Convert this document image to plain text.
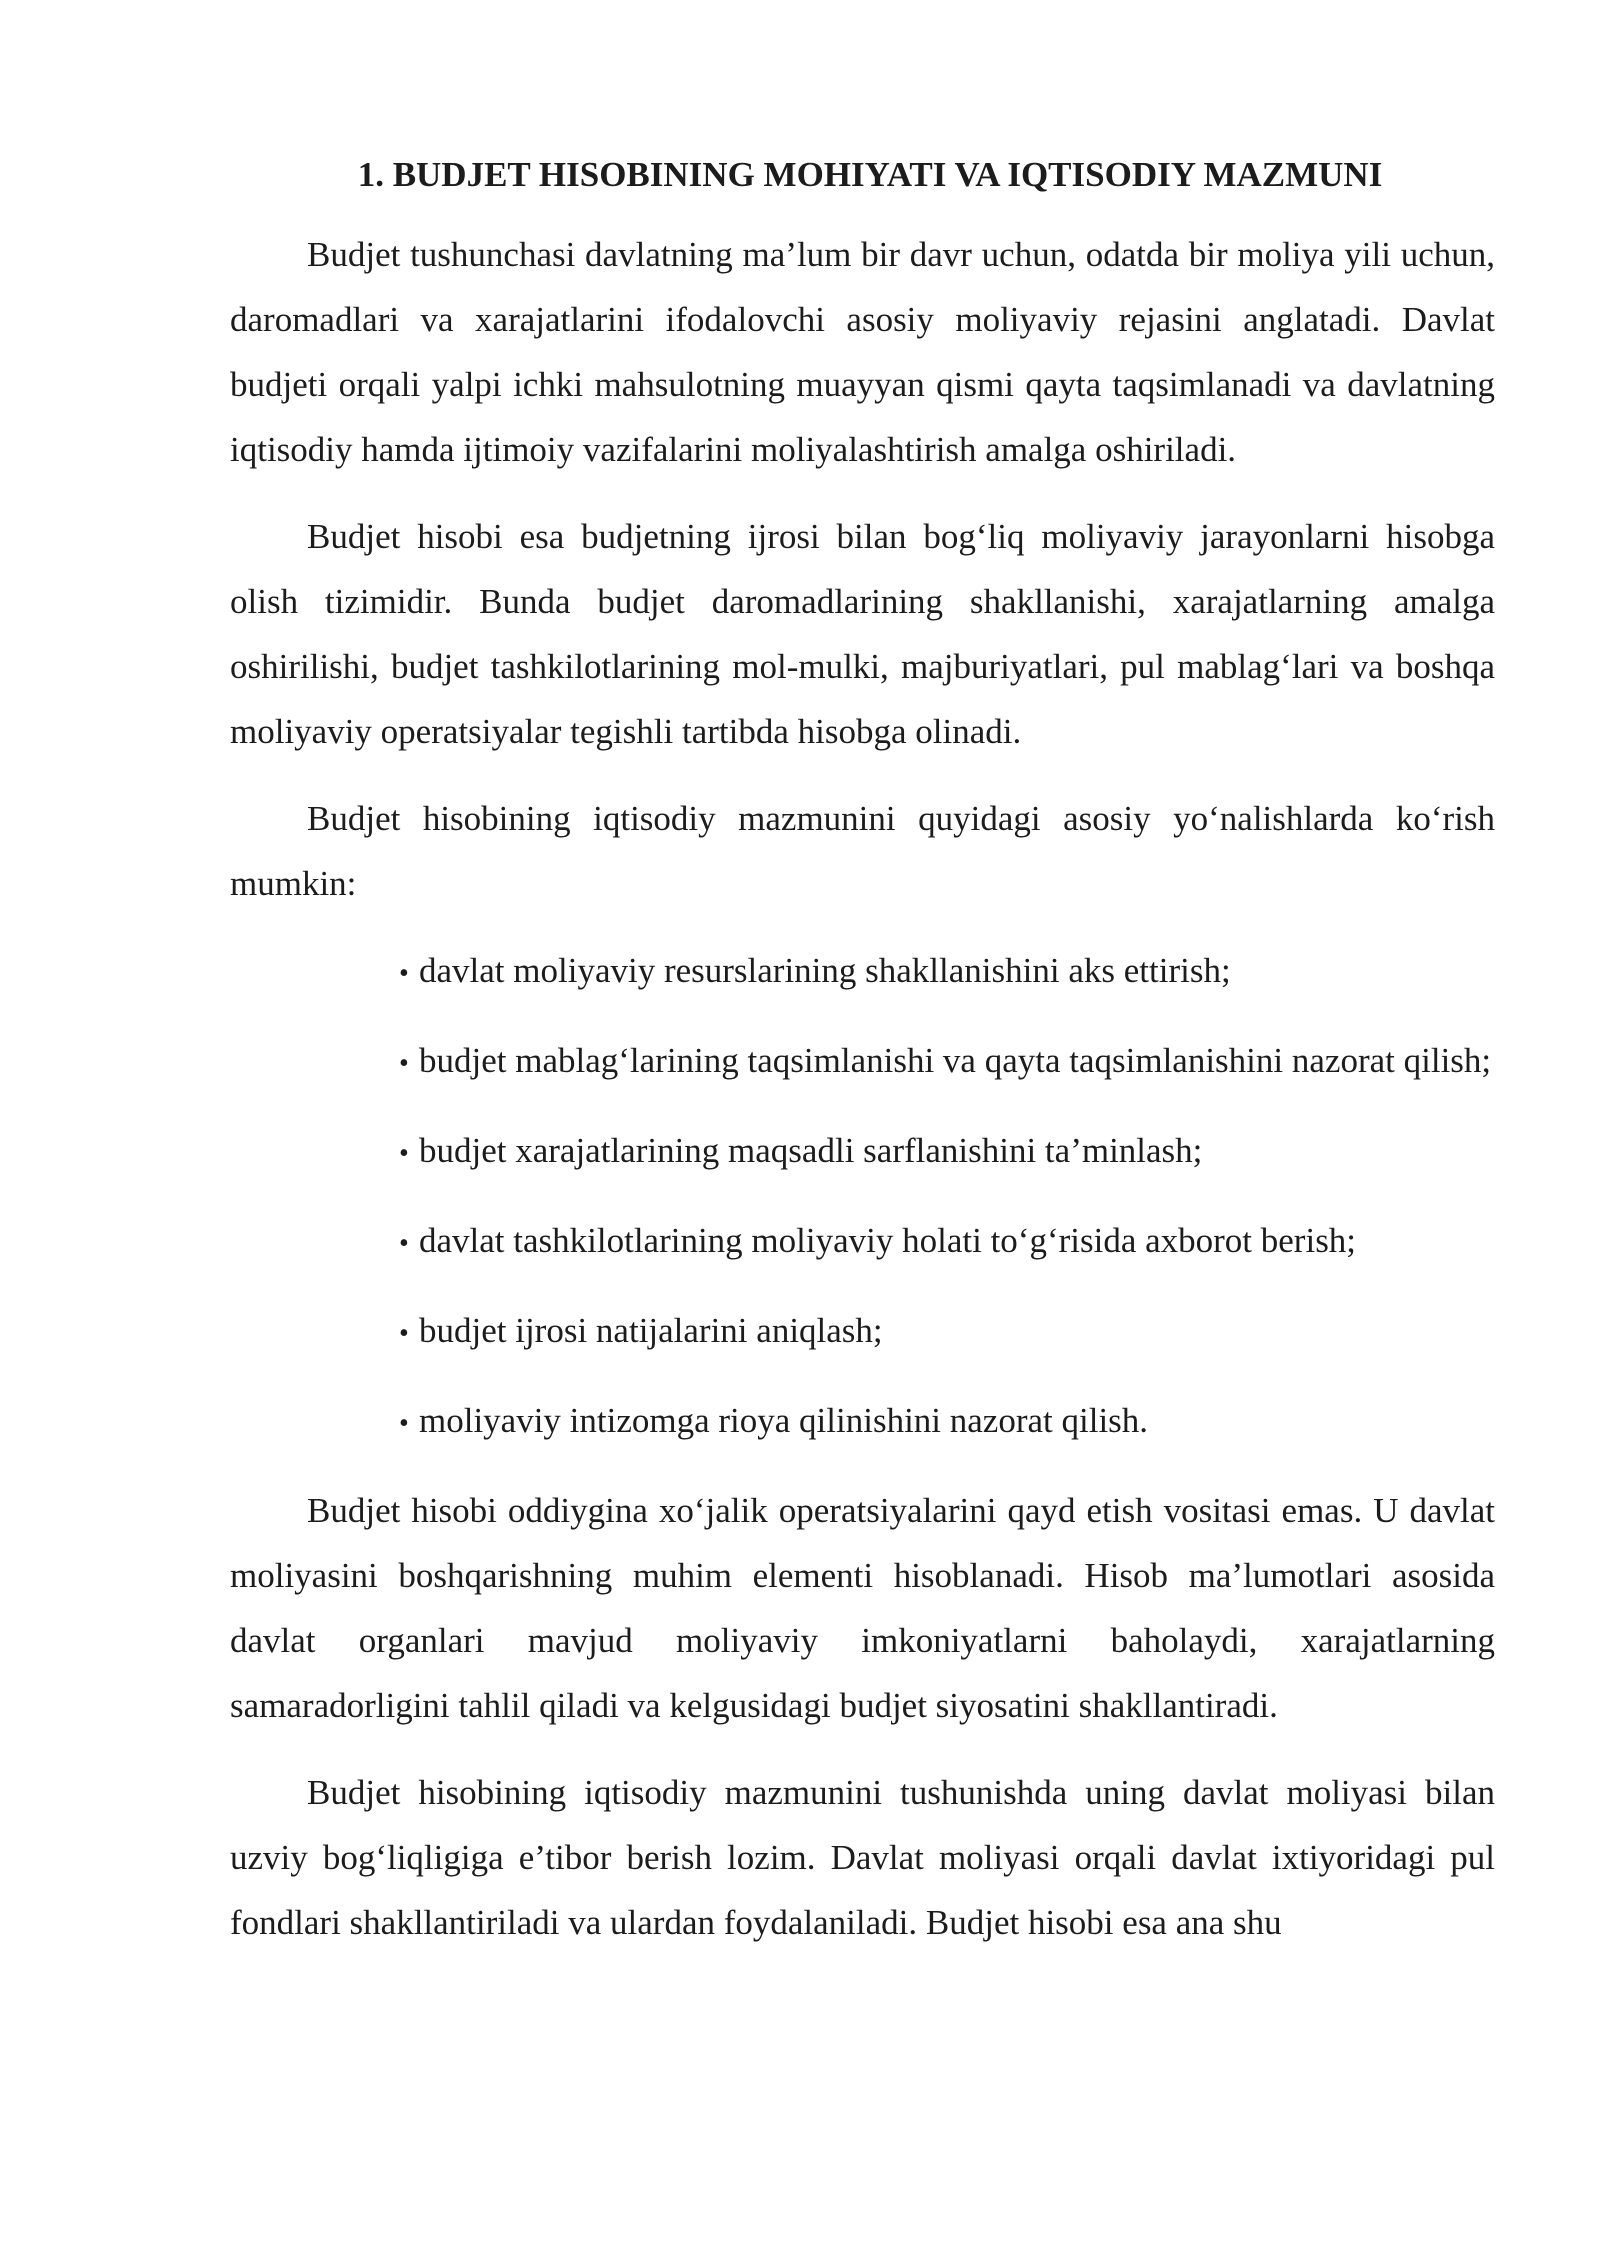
1. BUDJET HISOBINING MOHIYATI VA IQTISODIY MAZMUNI

Budjet tushunchasi davlatning ma’lum bir davr uchun, odatda bir moliya yili uchun, daromadlari va xarajatlarini ifodalovchi asosiy moliyaviy rejasini anglatadi. Davlat budjeti orqali yalpi ichki mahsulotning muayyan qismi qayta taqsimlanadi va davlatning iqtisodiy hamda ijtimoiy vazifalarini moliyalashtirish amalga oshiriladi.

Budjet hisobi esa budjetning ijrosi bilan bog‘liq moliyaviy jarayonlarni hisobga olish tizimidir. Bunda budjet daromadlarining shakllanishi, xarajatlarning amalga oshirilishi, budjet tashkilotlarining mol-mulki, majburiyatlari, pul mablag‘lari va boshqa moliyaviy operatsiyalar tegishli tartibda hisobga olinadi.

Budjet hisobining iqtisodiy mazmunini quyidagi asosiy yo‘nalishlarda ko‘rish mumkin:

• davlat moliyaviy resurslarining shakllanishini aks ettirish;
• budjet mablag‘larining taqsimlanishi va qayta taqsimlanishini nazorat qilish;
• budjet xarajatlarining maqsadli sarflanishini ta’minlash;
• davlat tashkilotlarining moliyaviy holati to‘g‘risida axborot berish;
• budjet ijrosi natijalarini aniqlash;
• moliyaviy intizomga rioya qilinishini nazorat qilish.

Budjet hisobi oddiygina xo‘jalik operatsiyalarini qayd etish vositasi emas. U davlat moliyasini boshqarishning muhim elementi hisoblanadi. Hisob ma’lumotlari asosida davlat organlari mavjud moliyaviy imkoniyatlarni baholaydi, xarajatlarning samaradorligini tahlil qiladi va kelgusidagi budjet siyosatini shakllantiradi.

Budjet hisobining iqtisodiy mazmunini tushunishda uning davlat moliyasi bilan uzviy bog‘liqligiga e’tibor berish lozim. Davlat moliyasi orqali davlat ixtiyoridagi pul fondlari shakllantiriladi va ulardan foydalaniladi. Budjet hisobi esa ana shu
